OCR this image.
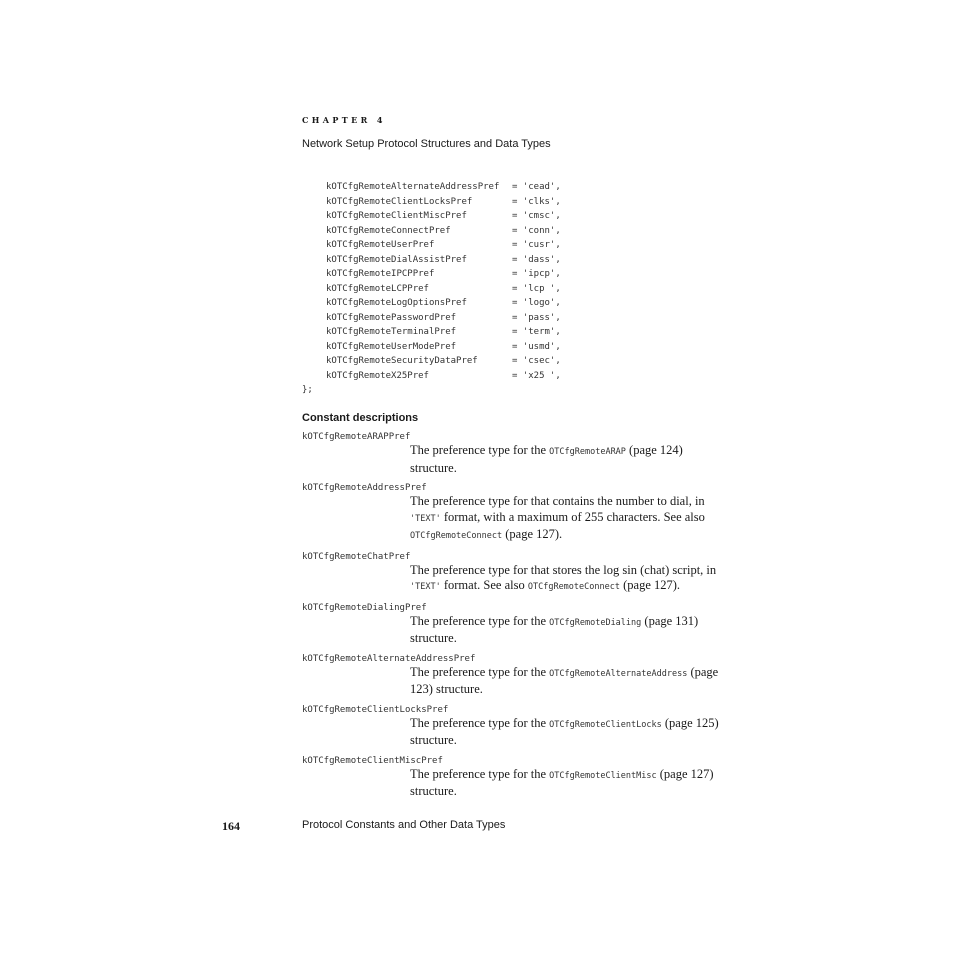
CHAPTER 4
Network Setup Protocol Structures and Data Types
kOTCfgRemoteAlternateAddressPref = 'cead',
kOTCfgRemoteClientLocksPref	= 'clks',
kOTCfgRemoteClientMiscPref	= 'cmsc',
kOTCfgRemoteConnectPref	= 'conn',
kOTCfgRemoteUserPref	= 'cusr',
kOTCfgRemoteDialAssistPref	= 'dass',
kOTCfgRemoteIPCPPref	= 'ipcp',
kOTCfgRemoteLCPPref	= 'lcp ',
kOTCfgRemoteLogOptionsPref	= 'logo',
kOTCfgRemotePasswordPref	= 'pass',
kOTCfgRemoteTerminalPref	= 'term',
kOTCfgRemoteUserModePref	= 'usmd',
kOTCfgRemoteSecurityDataPref	= 'csec',
kOTCfgRemoteX25Pref	= 'x25 ',
};
Constant descriptions
kOTCfgRemoteARAPPref
The preference type for the OTCfgRemoteARAP (page 124) structure.
kOTCfgRemoteAddressPref
The preference type for that contains the number to dial, in 'TEXT' format, with a maximum of 255 characters. See also OTCfgRemoteConnect (page 127).
kOTCfgRemoteChatPref
The preference type for that stores the log sin (chat) script, in 'TEXT' format. See also OTCfgRemoteConnect (page 127).
kOTCfgRemoteDialingPref
The preference type for the OTCfgRemoteDialing (page 131) structure.
kOTCfgRemoteAlternateAddressPref
The preference type for the OTCfgRemoteAlternateAddress (page 123) structure.
kOTCfgRemoteClientLocksPref
The preference type for the OTCfgRemoteClientLocks (page 125) structure.
kOTCfgRemoteClientMiscPref
The preference type for the OTCfgRemoteClientMisc (page 127) structure.
164	Protocol Constants and Other Data Types
